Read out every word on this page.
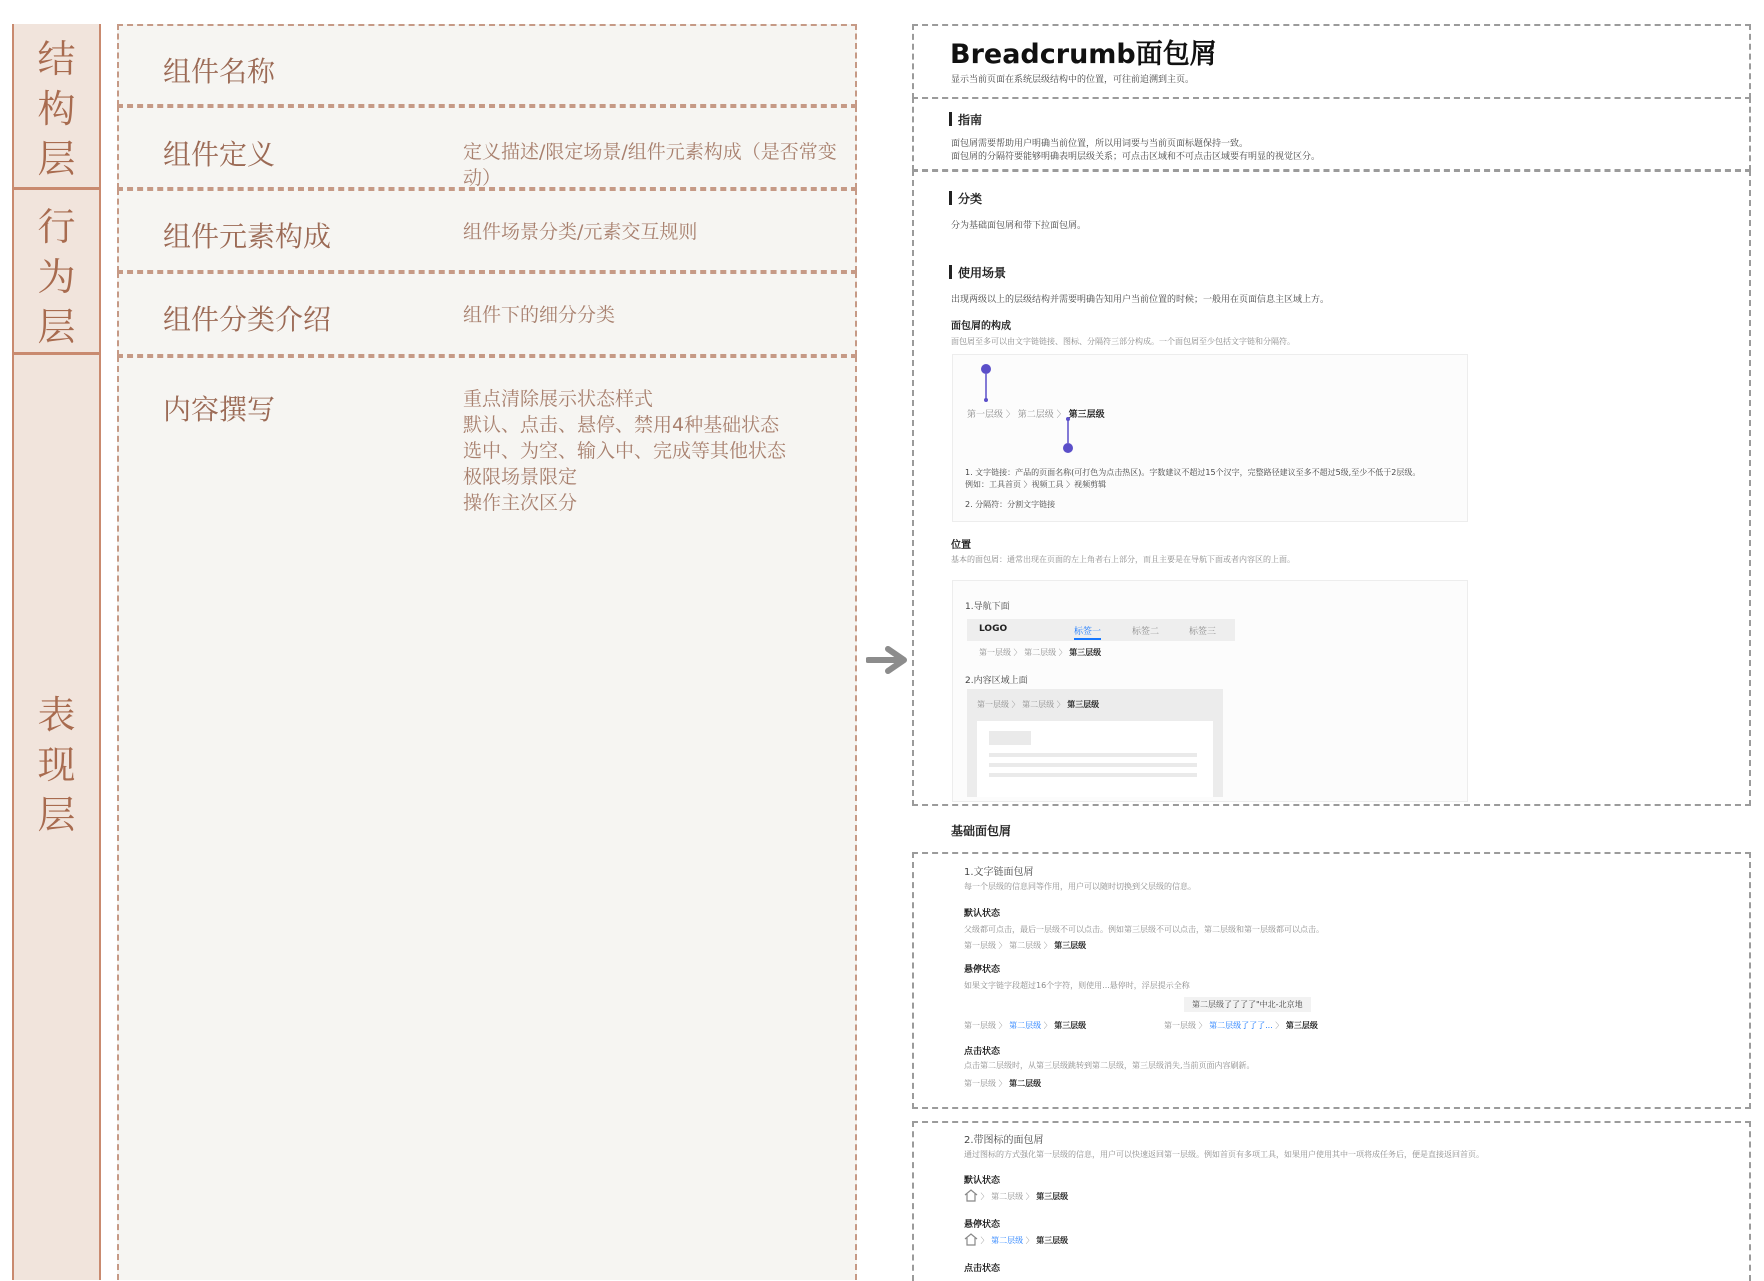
结
构
层
行
为
层
表
现
层
组件名称
组件定义	定义描述/限定场景/组件元素构成（是否常变动）
组件元素构成	组件场景分类/元素交互规则
组件分类介绍	组件下的细分分类
内容撰写	重点清除展示状态样式
默认、点击、悬停、禁用4种基础状态
选中、为空、输入中、完成等其他状态
极限场景限定
操作主次区分
Breadcrumb面包屑
显示当前页面在系统层级结构中的位置，可往前追溯到主页。
指南
面包屑需要帮助用户明确当前位置，所以用词要与当前页面标题保持一致。
面包屑的分隔符要能够明确表明层级关系；可点击区域和不可点击区域要有明显的视觉区分。
分类
分为基础面包屑和带下拉面包屑。
使用场景
出现两级以上的层级结构并需要明确告知用户当前位置的时候；一般用在页面信息主区域上方。
面包屑的构成
面包屑至多可以由文字链链接、图标、分隔符三部分构成。一个面包屑至少包括文字链和分隔符。
第一层级 〉 第二层级 〉 第三层级
1. 文字链接：产品的页面名称(可打色为点击热区)。字数建议不超过15个汉字，完整路径建议至多不超过5级,至少不低于2层级。
例如：工具首页 〉视频工具 〉视频剪辑
2. 分隔符：分割文字链接
位置
基本的面包屑：通常出现在页面的左上角者右上部分，而且主要是在导航下面或者内容区的上面。
1.导航下面
LOGO	标签一	标签二	标签三
第一层级 〉 第二层级 〉 第三层级
2.内容区域上面
第一层级 〉 第二层级 〉 第三层级
基础面包屑
1.文字链面包屑
每一个层级的信息同等作用，用户可以随时切换到父层级的信息。
默认状态
父级都可点击，最后一层级不可以点击。例如第三层级不可以点击，第二层级和第一层级都可以点击。
第一层级 〉 第二层级 〉 第三层级
悬停状态
如果文字链字段超过16个字符，则使用...悬停时，浮层提示全称
第一层级 〉 第二层级 〉 第三层级
第二层级了了了了"中北-北京地
第一层级 〉 第二层级了了了... 〉 第三层级
点击状态
点击第二层级时，从第三层级跳转到第二层级，第三层级消失,当前页面内容刷新。
第一层级 〉 第二层级
2.带图标的面包屑
通过图标的方式强化第一层级的信息，用户可以快速返回第一层级。例如首页有多项工具，如果用户使用其中一项将成任务后，便是直接返回首页。
默认状态
〉 第二层级 〉 第三层级
悬停状态
〉 第二层级 〉 第三层级
点击状态
